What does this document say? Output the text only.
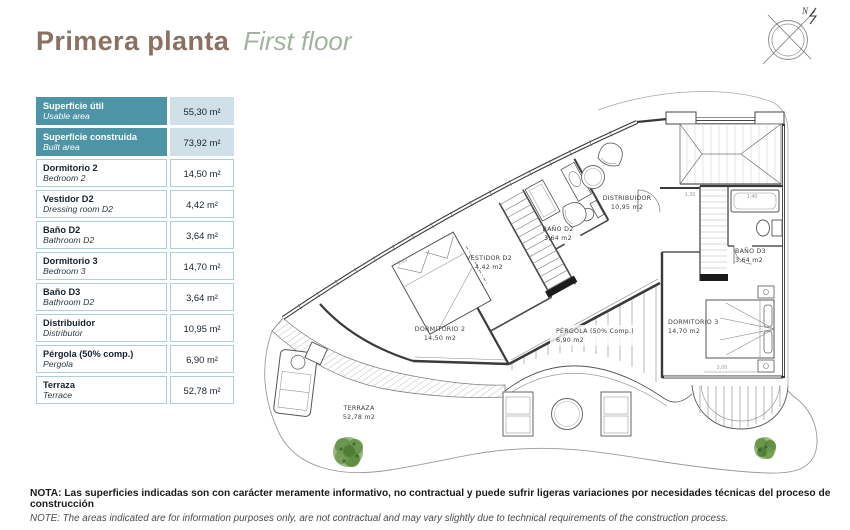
Primera planta First floor
Superficie útil
Usable area	55,30 m²
Superficie construida
Built area	73,92 m²
Dormitorio 2
Bedroom 2	14,50 m²
Vestidor D2
Dressing room D2	4,42 m²
Baño D2
Bathroom D2	3,64 m²
Dormitorio 3
Bedroom 3	14,70 m²
Baño D3
Bathroom D2	3,64 m²
Distribuidor
Distributor	10,95 m²
Pérgola (50% comp.)
Pergola	6,90 m²
Terraza
Terrace	52,78 m²
N
DORMITORIO 2 14,50 m2
VESTIDOR D2 4,42 m2
BAÑO D2 3,64 m2
DISTRIBUIDOR 10,95 m2
BAÑO D3 3,64 m2
DORMITORIO 3 14,70 m2
PÉRGOLA (50% Comp.) 6,90 m2
TERRAZA 52,78 m2
1,40
1,30
3,00
5,00
NOTA: Las superficies indicadas son con carácter meramente informativo, no contractual y puede sufrir ligeras variaciones por necesidades técnicas del proceso de construcción
NOTE: The areas indicated are for information purposes only, are not contractual and may vary slightly due to technical requirements of the construction process.
